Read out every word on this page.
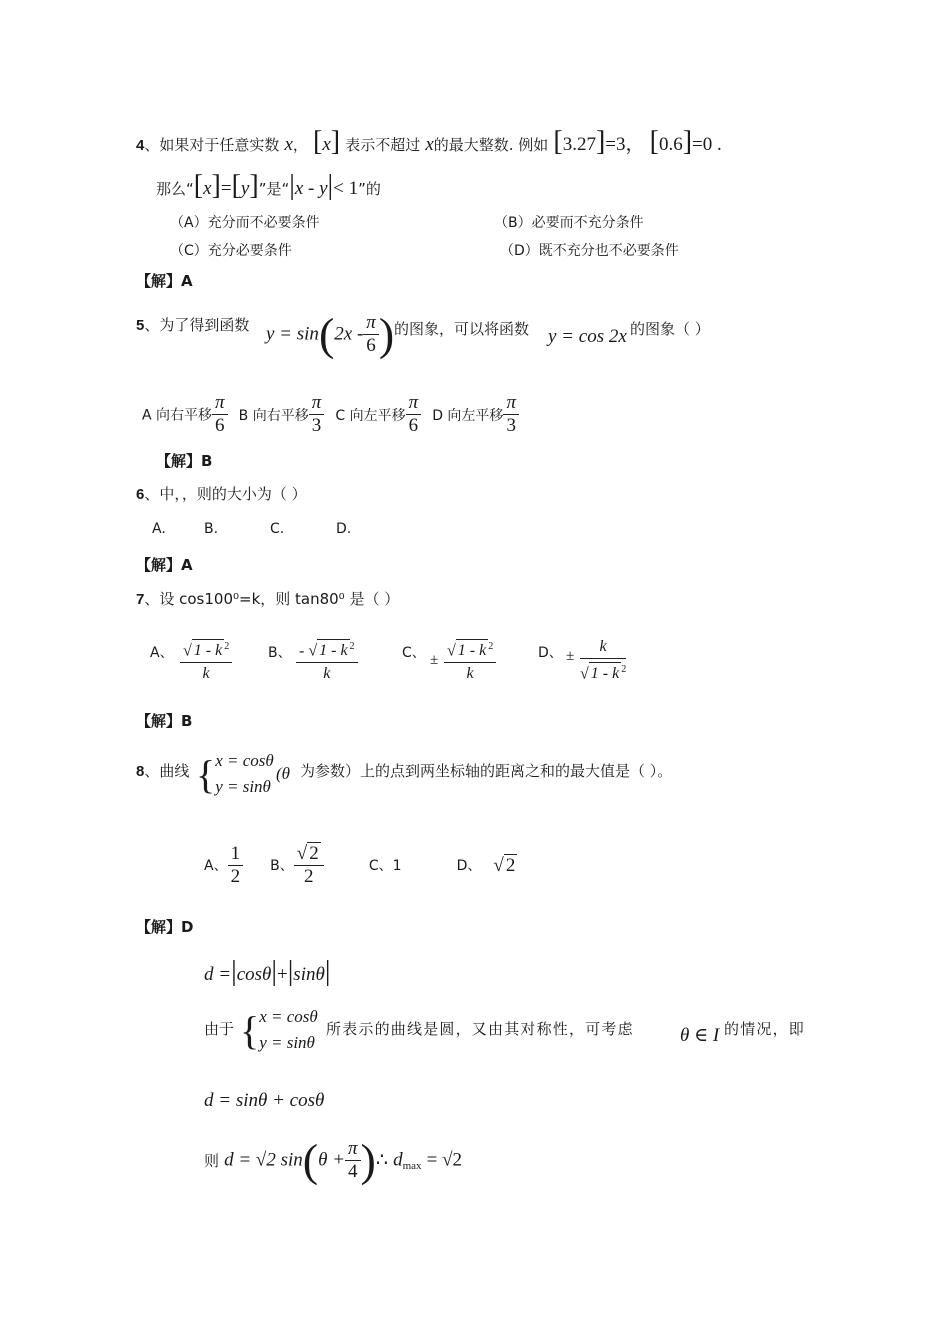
4、如果对于任意实数 x， [x] 表示不超过 x的最大整数. 例如 [3.27]=3， [0.6]=0 .
那么“[x]=[y]”是“|x - y|< 1”的
（A）充分而不必要条件	（B）必要而不充分条件
（C）充分必要条件	（D）既不充分也不必要条件
【解】A
5、为了得到函数 $y = \sin(2x - \frac{\pi}{6}$ ) 的图象，可以将函数 y = cos 2x 的图象（ ）
A 向右平移 $\frac{\pi}{6}$ B 向右平移 $\frac{\pi}{3}$ C 向左平移 $\frac{\pi}{6}$ D 向左平移 $\frac{\pi}{3}$
【解】B
6、中，，则的大小为（ ）
A.	B.	C.	D.
【解】A
7、设 cos100⁰=k，则 tan80⁰ 是（ ）
A、 $\frac{√ 1 - k ^2}{k}$	B、 $\frac{- √ 1 - k ^2}{k}$	C、 ± $\frac{√ 1 - k ^2}{k}$	D、 ± $\frac{k}{√ 1 - k ^2}$
【解】B
8、曲线 { x = cosθ
y = sinθ
(θ 为参数）上的点到两坐标轴的距离之和的最大值是（ ）。
A、 $\frac{1}{2}$ B、 $\frac{√ 2}{2}$	C、1	D、 √ 2
【解】D
d =|cosθ|+|sinθ|
由于 { x = cosθ
y = sinθ
所表示的曲线是圆，又由其对称性，可考虑 θ ∈ I 的情况，即
d = sinθ + cosθ
则 d = √2 $\sin(\theta + \frac{\pi}{4}$ )∴ $d_{max} = √2$
